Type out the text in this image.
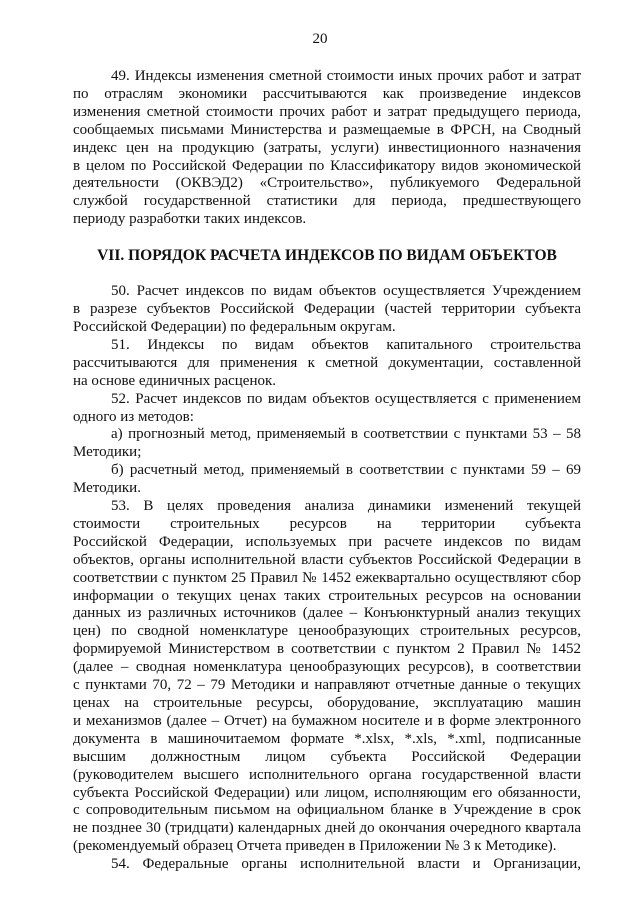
20
49. Индексы изменения сметной стоимости иных прочих работ и затрат
по отраслям экономики рассчитываются как произведение индексов
изменения сметной стоимости прочих работ и затрат предыдущего периода,
сообщаемых письмами Министерства и размещаемые в ФРСН, на Сводный
индекс цен на продукцию (затраты, услуги) инвестиционного назначения
в целом по Российской Федерации по Классификатору видов экономической
деятельности (ОКВЭД2) «Строительство», публикуемого Федеральной
службой государственной статистики для периода, предшествующего
периоду разработки таких индексов.
VII. ПОРЯДОК РАСЧЕТА ИНДЕКСОВ ПО ВИДАМ ОБЪЕКТОВ
50. Расчет индексов по видам объектов осуществляется Учреждением
в разрезе субъектов Российской Федерации (частей территории субъекта
Российской Федерации) по федеральным округам.
51. Индексы по видам объектов капитального строительства
рассчитываются для применения к сметной документации, составленной
на основе единичных расценок.
52. Расчет индексов по видам объектов осуществляется с применением
одного из методов:
а) прогнозный метод, применяемый в соответствии с пунктами 53 – 58
Методики;
б) расчетный метод, применяемый в соответствии с пунктами 59 – 69
Методики.
53. В целях проведения анализа динамики изменений текущей
стоимости строительных ресурсов на территории субъекта
Российской Федерации, используемых при расчете индексов по видам
объектов, органы исполнительной власти субъектов Российской Федерации в
соответствии с пунктом 25 Правил № 1452 ежеквартально осуществляют сбор
информации о текущих ценах таких строительных ресурсов на основании
данных из различных источников (далее – Конъюнктурный анализ текущих
цен) по сводной номенклатуре ценообразующих строительных ресурсов,
формируемой Министерством в соответствии с пунктом 2 Правил № 1452
(далее – сводная номенклатура ценообразующих ресурсов), в соответствии
с пунктами 70, 72 – 79 Методики и направляют отчетные данные о текущих
ценах на строительные ресурсы, оборудование, эксплуатацию машин
и механизмов (далее – Отчет) на бумажном носителе и в форме электронного
документа в машиночитаемом формате *.xlsx, *.xls, *.xml, подписанные
высшим должностным лицом субъекта Российской Федерации
(руководителем высшего исполнительного органа государственной власти
субъекта Российской Федерации) или лицом, исполняющим его обязанности,
с сопроводительным письмом на официальном бланке в Учреждение в срок
не позднее 30 (тридцати) календарных дней до окончания очередного квартала
(рекомендуемый образец Отчета приведен в Приложении № 3 к Методике).
54. Федеральные органы исполнительной власти и Организации,
